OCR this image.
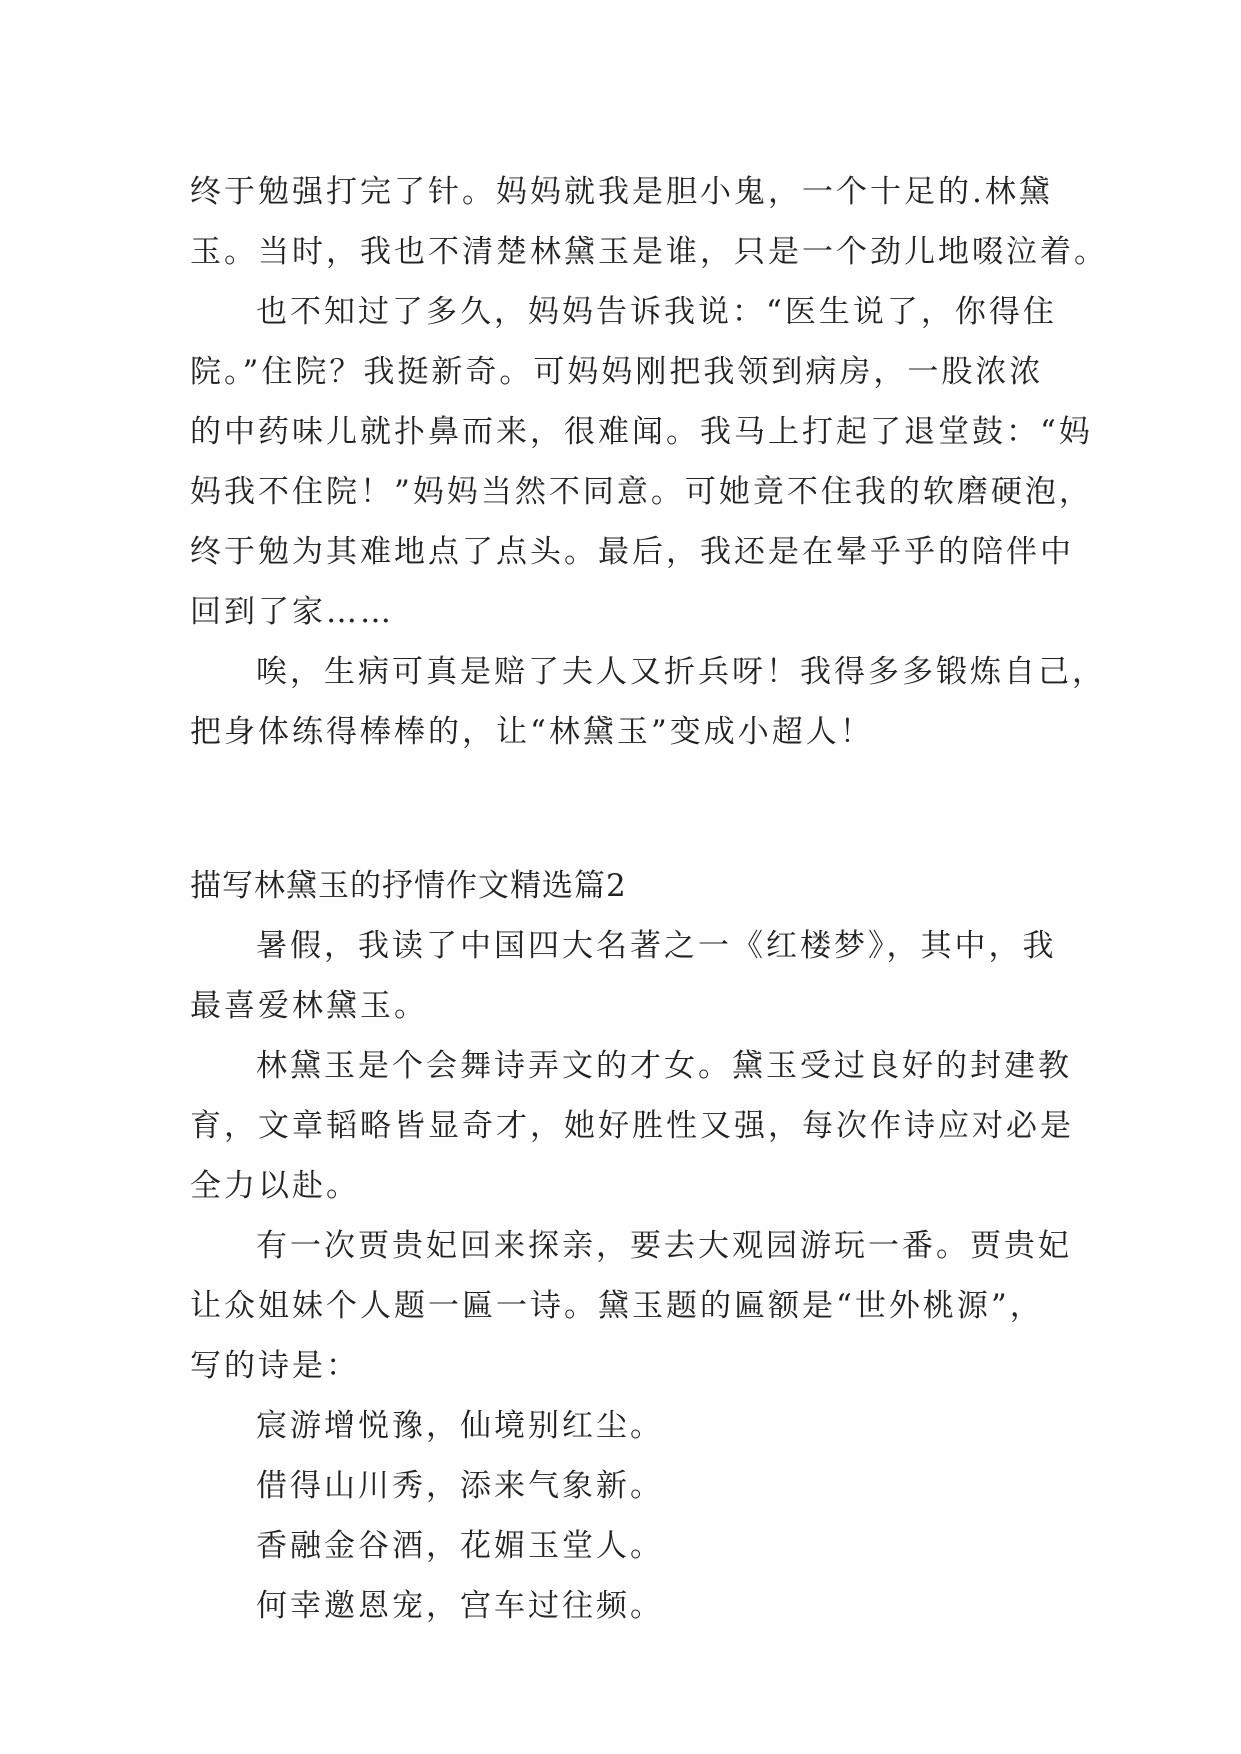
终于勉强打完了针。妈妈就我是胆小鬼，一个十足的.林黛
玉。当时，我也不清楚林黛玉是谁，只是一个劲儿地啜泣着。
也不知过了多久，妈妈告诉我说：“医生说了，你得住
院。”住院？我挺新奇。可妈妈刚把我领到病房，一股浓浓
的中药味儿就扑鼻而来，很难闻。我马上打起了退堂鼓：“妈
妈我不住院！”妈妈当然不同意。可她竟不住我的软磨硬泡，
终于勉为其难地点了点头。最后，我还是在晕乎乎的陪伴中
回到了家……
唉，生病可真是赔了夫人又折兵呀！我得多多锻炼自己，
把身体练得棒棒的，让“林黛玉”变成小超人！
描写林黛玉的抒情作文精选篇2
暑假，我读了中国四大名著之一《红楼梦》，其中，我
最喜爱林黛玉。
林黛玉是个会舞诗弄文的才女。黛玉受过良好的封建教
育，文章韬略皆显奇才，她好胜性又强，每次作诗应对必是
全力以赴。
有一次贾贵妃回来探亲，要去大观园游玩一番。贾贵妃
让众姐妹个人题一匾一诗。黛玉题的匾额是“世外桃源”，
写的诗是：
宸游增悦豫，仙境别红尘。
借得山川秀，添来气象新。
香融金谷酒，花媚玉堂人。
何幸邀恩宠，宫车过往频。
